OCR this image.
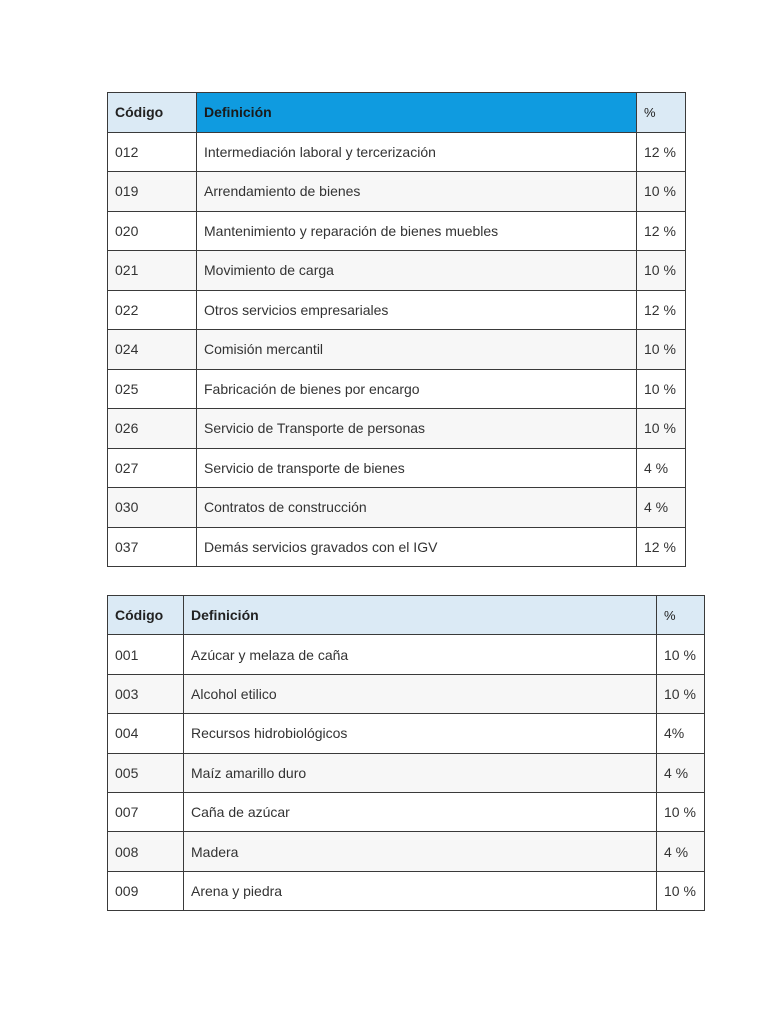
Código	Definición	%
012	Intermediación laboral y tercerización	12 %
019	Arrendamiento de bienes	10 %
020	Mantenimiento y reparación de bienes muebles	12 %
021	Movimiento de carga	10 %
022	Otros servicios empresariales	12 %
024	Comisión mercantil	10 %
025	Fabricación de bienes por encargo	10 %
026	Servicio de Transporte de personas	10 %
027	Servicio de transporte de bienes	4 %
030	Contratos de construcción	4 %
037	Demás servicios gravados con el IGV	12 %
Código	Definición	%
001	Azúcar y melaza de caña	10 %
003	Alcohol etilico	10 %
004	Recursos hidrobiológicos	4%
005	Maíz amarillo duro	4 %
007	Caña de azúcar	10 %
008	Madera	4 %
009	Arena y piedra	10 %
